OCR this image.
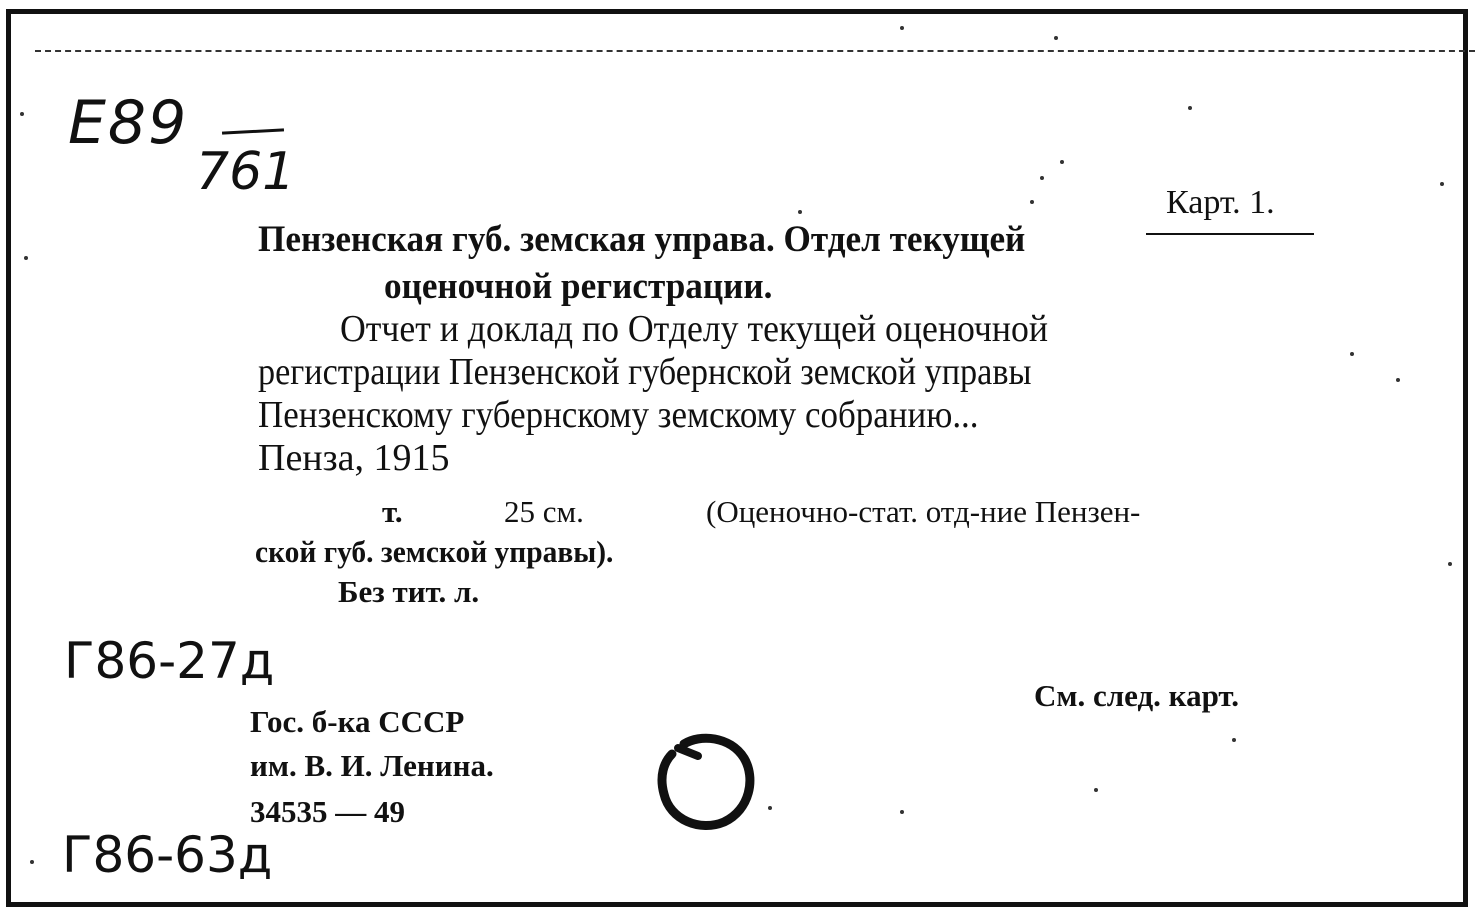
E89
761
Карт. 1.
Пензенская губ. земская управа. Отдел текущей
оценочной регистрации.
Отчет и доклад по Отделу текущей оценочной
регистрации Пензенской губернской земской управы
Пензенскому губернскому земскому собранию...
Пенза, 1915
т.	25 см.	(Оценочно-стат. отд-ние Пензен-
ской губ. земской управы).
Без тит. л.
См. след. карт.
Г86-27д
Г86-63д
Гос. б-ка СССР
им. В. И. Ленина.
34535 — 49
